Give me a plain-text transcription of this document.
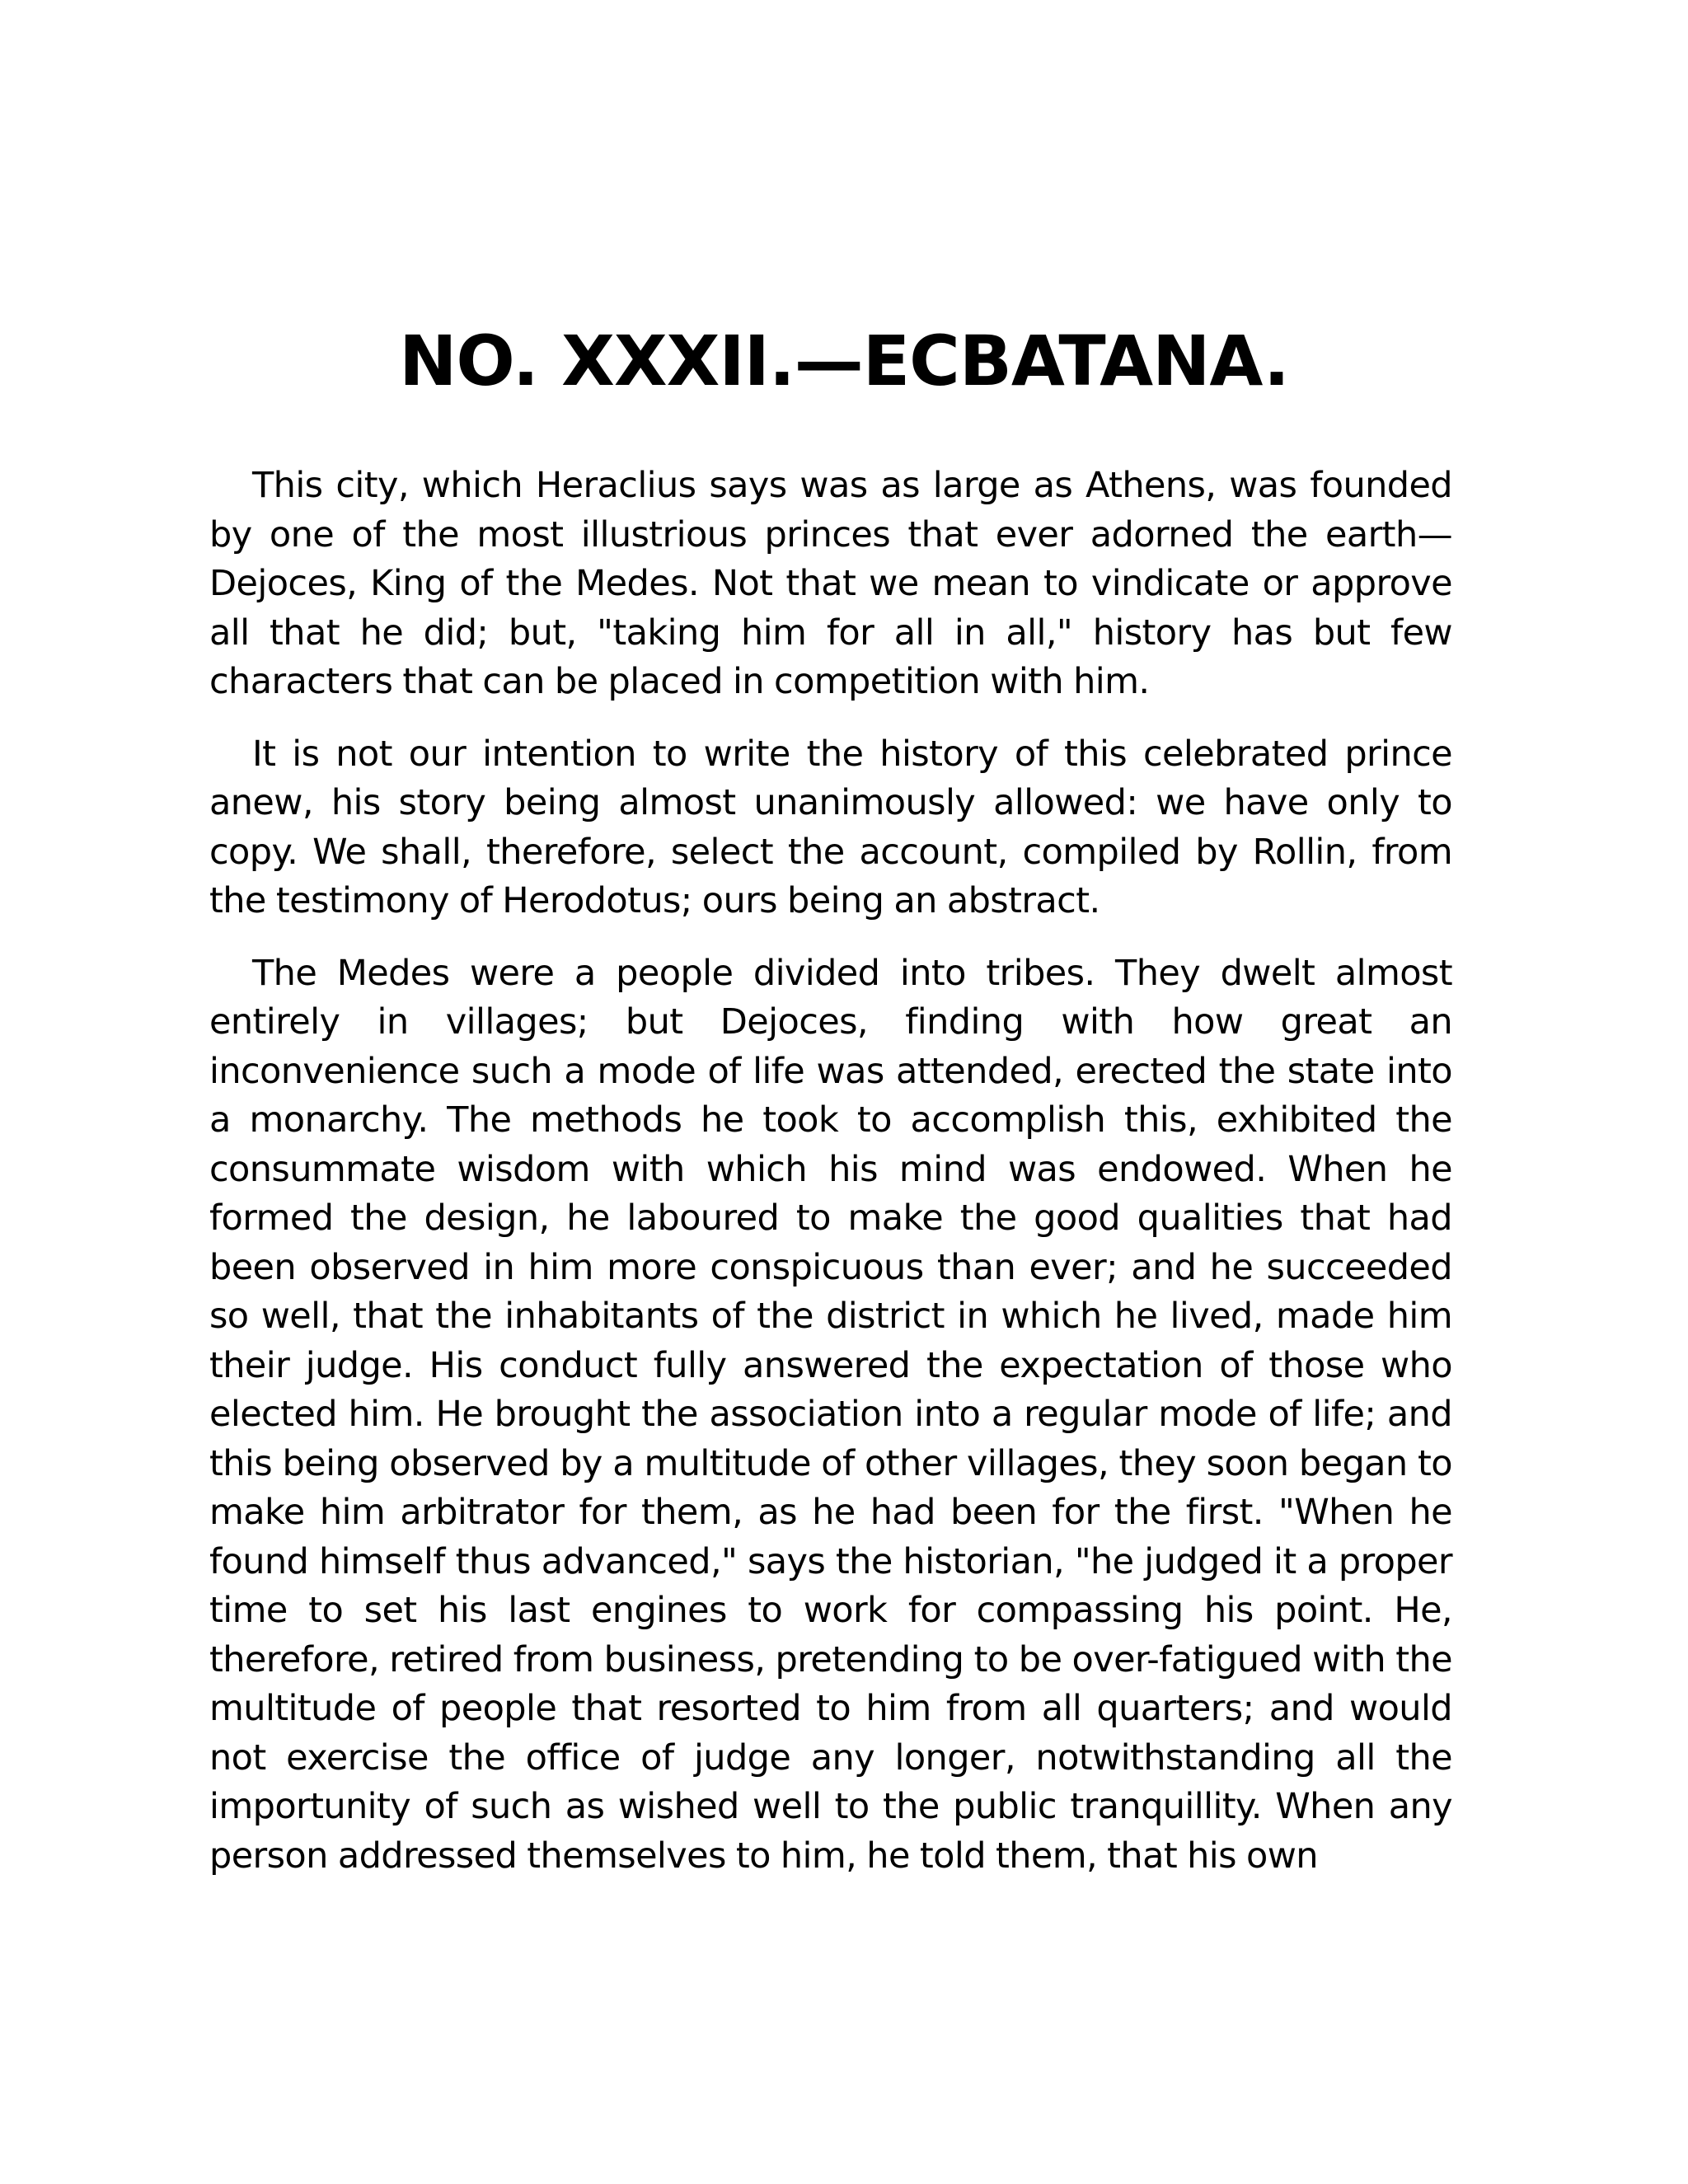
NO. XXXII.—ECBATANA.

This city, which Heraclius says was as large as Athens, was founded by one of the most illustrious princes that ever adorned the earth—Dejoces, King of the Medes. Not that we mean to vindicate or approve all that he did; but, "taking him for all in all," history has but few characters that can be placed in competition with him.

It is not our intention to write the history of this celebrated prince anew, his story being almost unanimously allowed: we have only to copy. We shall, therefore, select the account, compiled by Rollin, from the testimony of Herodotus; ours being an abstract.

The Medes were a people divided into tribes. They dwelt almost entirely in villages; but Dejoces, finding with how great an inconvenience such a mode of life was attended, erected the state into a monarchy. The methods he took to accomplish this, exhibited the consummate wisdom with which his mind was endowed. When he formed the design, he laboured to make the good qualities that had been observed in him more conspicuous than ever; and he succeeded so well, that the inhabitants of the district in which he lived, made him their judge. His conduct fully answered the expectation of those who elected him. He brought the association into a regular mode of life; and this being observed by a multitude of other villages, they soon began to make him arbitrator for them, as he had been for the first. "When he found himself thus advanced," says the historian, "he judged it a proper time to set his last engines to work for compassing his point. He, therefore, retired from business, pretending to be over-fatigued with the multitude of people that resorted to him from all quarters; and would not exercise the office of judge any longer, notwithstanding all the importunity of such as wished well to the public tranquillity. When any person addressed themselves to him, he told them, that his own
